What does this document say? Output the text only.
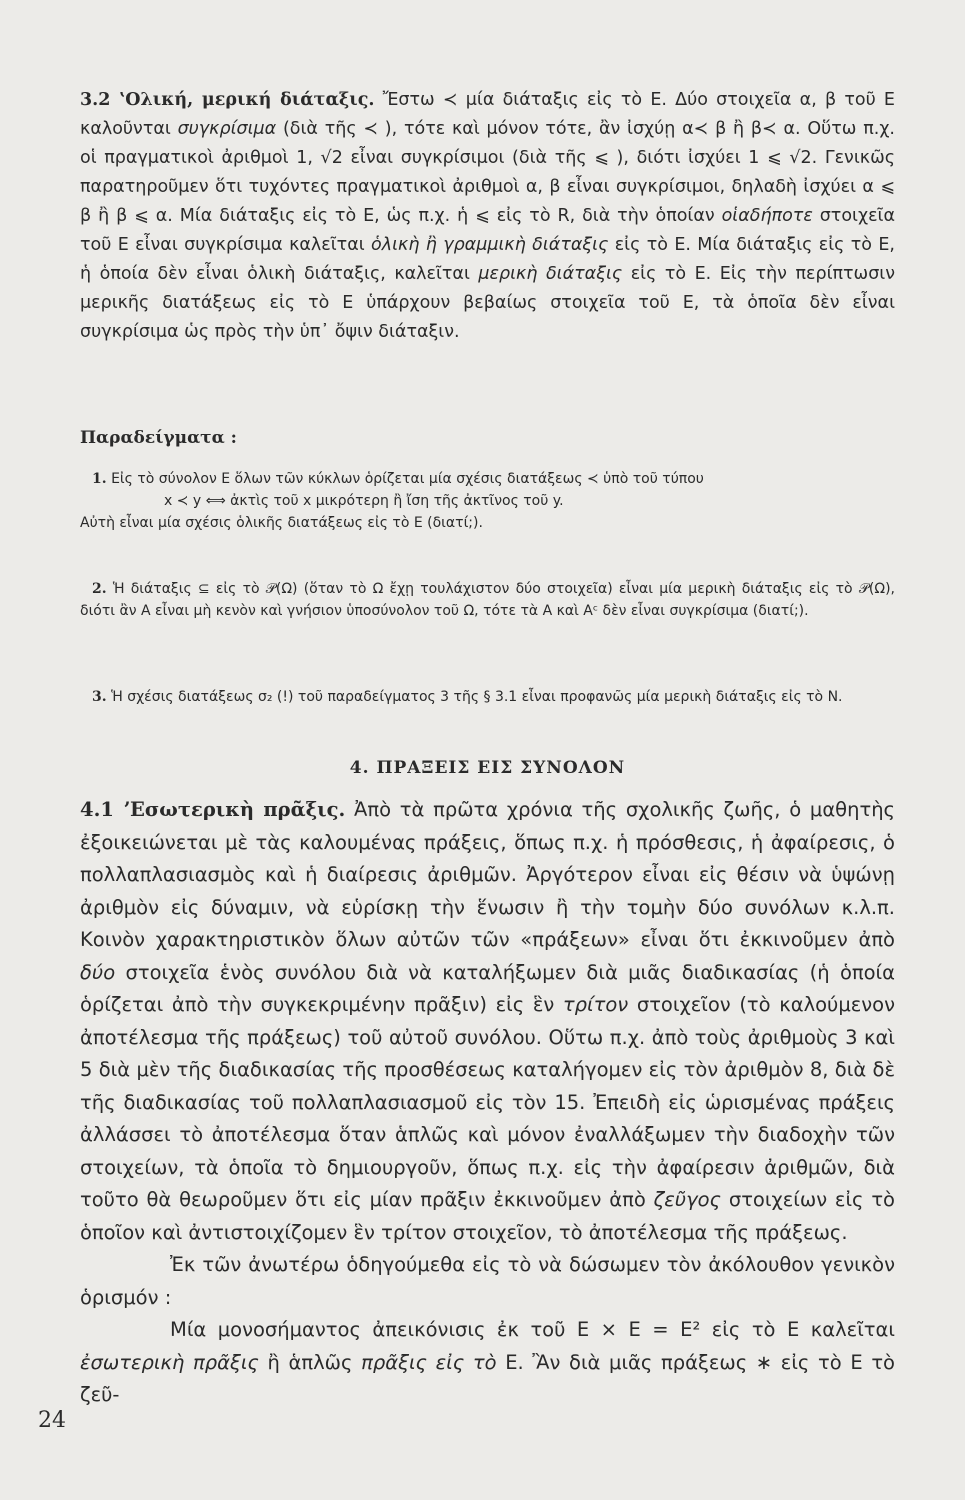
3.2 ʽΟλική, μερική διάταξις. Ἔστω ≺ μία διάταξις εἰς τὸ Ε. Δύο στοιχεῖα α, β τοῦ Ε καλοῦνται συγκρίσιμα (διὰ τῆς ≺ ), τότε καὶ μόνον τότε, ἂν ἰσχύῃ α≺ β ἢ β≺ α. Οὕτω π.χ. οἱ πραγματικοὶ ἀριθμοὶ 1, √2 εἶναι συγκρίσιμοι (διὰ τῆς ⩽ ), διότι ἰσχύει 1 ⩽ √2. Γενικῶς παρατηροῦμεν ὅτι τυχόντες πραγματικοὶ ἀριθμοὶ α, β εἶναι συγκρίσιμοι, δηλαδὴ ἰσχύει α ⩽ β ἢ β ⩽ α. Μία διάταξις εἰς τὸ Ε, ὡς π.χ. ἡ ⩽ εἰς τὸ R, διὰ τὴν ὁποίαν οἱαδήποτε στοιχεῖα τοῦ Ε εἶναι συγκρίσιμα καλεῖται ὁλικὴ ἢ γραμμικὴ διάταξις εἰς τὸ Ε. Μία διάταξις εἰς τὸ Ε, ἡ ὁποία δὲν εἶναι ὁλικὴ διάταξις, καλεῖται μερικὴ διάταξις εἰς τὸ Ε. Εἰς τὴν περίπτωσιν μερικῆς διατάξεως εἰς τὸ Ε ὑπάρχουν βεβαίως στοιχεῖα τοῦ Ε, τὰ ὁποῖα δὲν εἶναι συγκρίσιμα ὡς πρὸς τὴν ὑπ᾽ ὄψιν διάταξιν.

Παραδείγματα :

1. Εἰς τὸ σύνολον Ε ὅλων τῶν κύκλων ὁρίζεται μία σχέσις διατάξεως ≺ ὑπὸ τοῦ τύπου

x ≺ y ⟺ ἀκτὶς τοῦ x μικρότερη ἢ ἴση τῆς ἀκτῖνος τοῦ y.

Αὐτὴ εἶναι μία σχέσις ὁλικῆς διατάξεως εἰς τὸ Ε (διατί;).

2. Ἡ διάταξις ⊆ εἰς τὸ 𝒫(Ω) (ὅταν τὸ Ω ἔχῃ τουλάχιστον δύο στοιχεῖα) εἶναι μία μερικὴ διάταξις εἰς τὸ 𝒫(Ω), διότι ἂν Α εἶναι μὴ κενὸν καὶ γνήσιον ὑποσύνολον τοῦ Ω, τότε τὰ Α καὶ Αᶜ δὲν εἶναι συγκρίσιμα (διατί;).

3. Ἡ σχέσις διατάξεως σ₂ (!) τοῦ παραδείγματος 3 τῆς § 3.1 εἶναι προφανῶς μία μερικὴ διάταξις εἰς τὸ Ν.

4. ΠΡΑΞΕΙΣ ΕΙΣ ΣΥΝΟΛΟΝ

4.1 ʼΕσωτερικὴ πρᾶξις. Ἀπὸ τὰ πρῶτα χρόνια τῆς σχολικῆς ζωῆς, ὁ μαθητὴς ἐξοικειώνεται μὲ τὰς καλουμένας πράξεις, ὅπως π.χ. ἡ πρόσθεσις, ἡ ἀφαίρεσις, ὁ πολλαπλασιασμὸς καὶ ἡ διαίρεσις ἀριθμῶν. Ἀργότερον εἶναι εἰς θέσιν νὰ ὑψώνῃ ἀριθμὸν εἰς δύναμιν, νὰ εὑρίσκῃ τὴν ἕνωσιν ἢ τὴν τομὴν δύο συνόλων κ.λ.π. Κοινὸν χαρακτηριστικὸν ὅλων αὐτῶν τῶν «πράξεων» εἶναι ὅτι ἐκκινοῦμεν ἀπὸ δύο στοιχεῖα ἑνὸς συνόλου διὰ νὰ καταλήξωμεν διὰ μιᾶς διαδικασίας (ἡ ὁποία ὁρίζεται ἀπὸ τὴν συγκεκριμένην πρᾶξιν) εἰς ἓν τρίτον στοιχεῖον (τὸ καλούμενον ἀποτέλεσμα τῆς πράξεως) τοῦ αὐτοῦ συνόλου. Οὕτω π.χ. ἀπὸ τοὺς ἀριθμοὺς 3 καὶ 5 διὰ μὲν τῆς διαδικασίας τῆς προσθέσεως καταλήγομεν εἰς τὸν ἀριθμὸν 8, διὰ δὲ τῆς διαδικασίας τοῦ πολλαπλασιασμοῦ εἰς τὸν 15. Ἐπειδὴ εἰς ὡρισμένας πράξεις ἀλλάσσει τὸ ἀποτέλεσμα ὅταν ἁπλῶς καὶ μόνον ἐναλλάξωμεν τὴν διαδοχὴν τῶν στοιχείων, τὰ ὁποῖα τὸ δημιουργοῦν, ὅπως π.χ. εἰς τὴν ἀφαίρεσιν ἀριθμῶν, διὰ τοῦτο θὰ θεωροῦμεν ὅτι εἰς μίαν πρᾶξιν ἐκκινοῦμεν ἀπὸ ζεῦγος στοιχείων εἰς τὸ ὁποῖον καὶ ἀντιστοιχίζομεν ἓν τρίτον στοιχεῖον, τὸ ἀποτέλεσμα τῆς πράξεως.

Ἐκ τῶν ἀνωτέρω ὁδηγούμεθα εἰς τὸ νὰ δώσωμεν τὸν ἀκόλουθον γενικὸν ὁρισμόν :

Μία μονοσήμαντος ἀπεικόνισις ἐκ τοῦ Ε × Ε = Ε² εἰς τὸ Ε καλεῖται ἐσωτερικὴ πρᾶξις ἢ ἁπλῶς πρᾶξις εἰς τὸ Ε. Ἂν διὰ μιᾶς πράξεως ∗ εἰς τὸ Ε τὸ ζεῦ-

24
